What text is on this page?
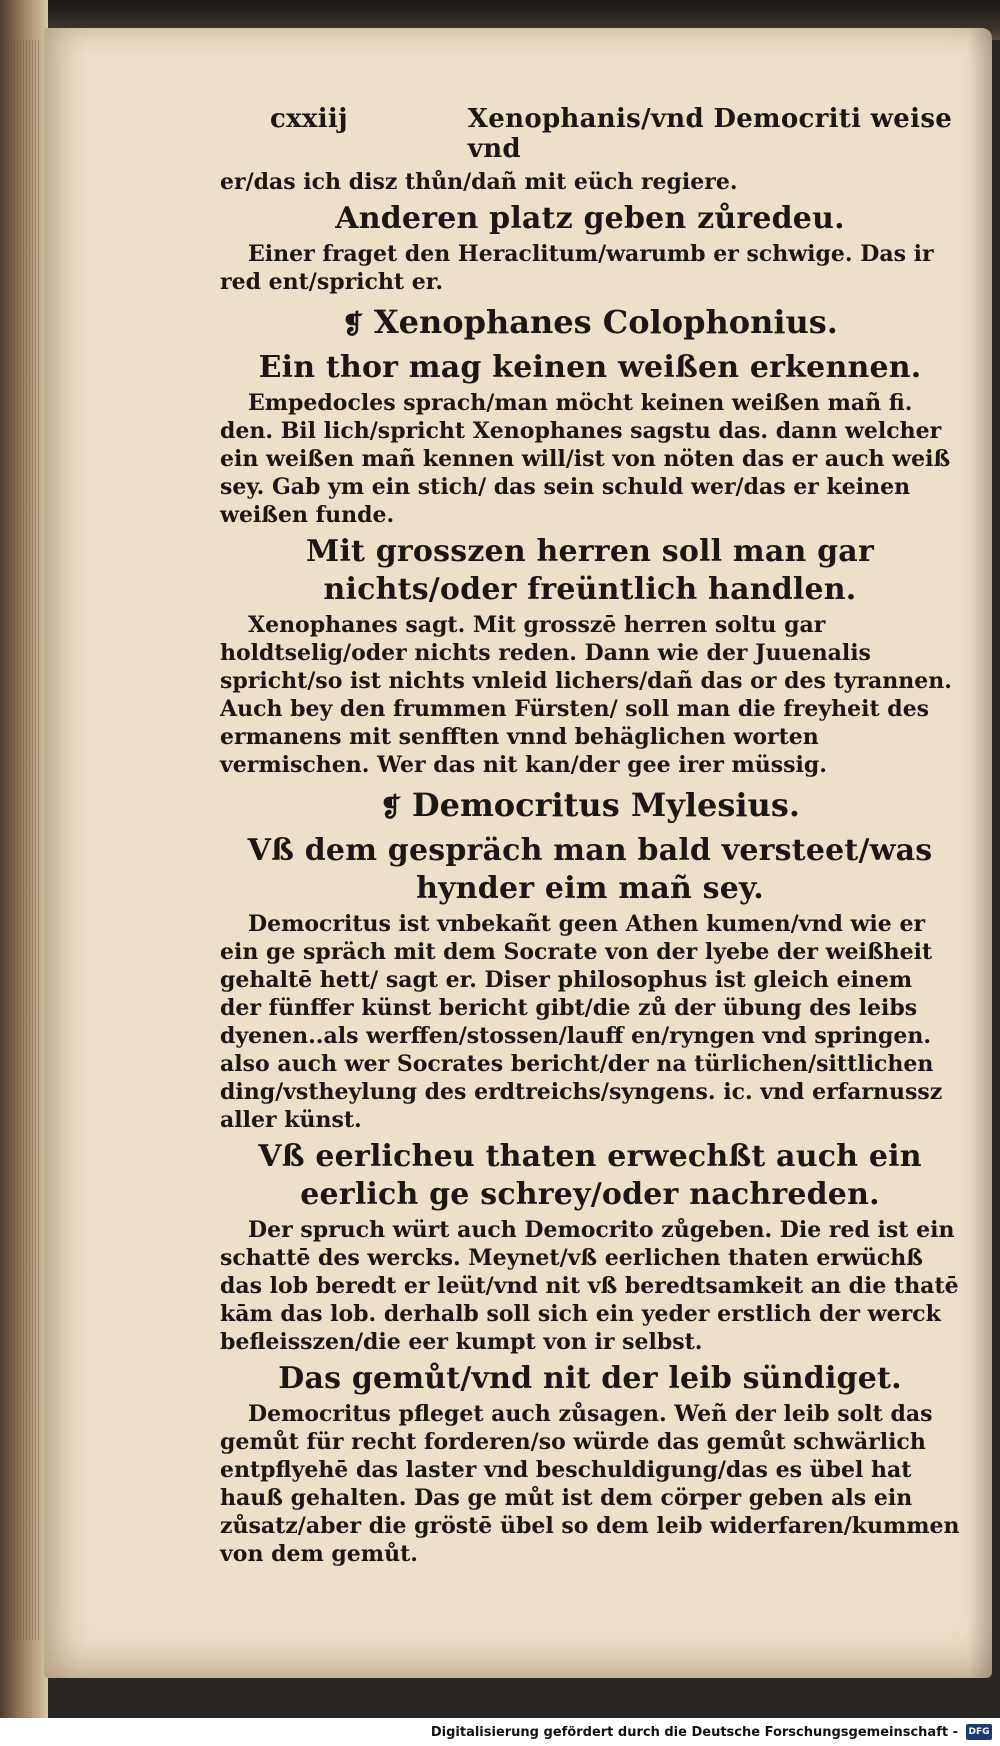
cxxiij	Xenophanis/vnd Democriti weise vnd
er/das ich disz thůn/dañ mit eüch regiere.
Anderen platz geben zůredeu.

Einer fraget den Heraclitum/warumb er schwige. Das ir red ent/spricht er.

❡ Xenophanes Colophonius.
Ein thor mag keinen weißen erkennen.

Empedocles sprach/man möcht keinen weißen mañ fi. den. Bil lich/spricht Xenophanes sagstu das. dann welcher ein weißen mañ kennen will/ist von nöten das er auch weiß sey. Gab ym ein stich/ das sein schuld wer/das er keinen weißen funde.

Mit grosszen herren soll man gar nichts/oder freüntlich handlen.

Xenophanes sagt. Mit grosszē herren soltu gar holdtselig/oder nichts reden. Dann wie der Juuenalis spricht/so ist nichts vnleid lichers/dañ das or des tyrannen. Auch bey den frummen Fürsten/ soll man die freyheit des ermanens mit senfften vnnd behäglichen worten vermischen. Wer das nit kan/der gee irer müssig.

❡ Democritus Mylesius.
Vß dem gespräch man bald versteet/was hynder eim mañ sey.

Democritus ist vnbekañt geen Athen kumen/vnd wie er ein ge spräch mit dem Socrate von der lyebe der weißheit gehaltē hett/ sagt er. Diser philosophus ist gleich einem der fünffer künst bericht gibt/die zů der übung des leibs dyenen..als werffen/stossen/lauff en/ryngen vnd springen. also auch wer Socrates bericht/der na türlichen/sittlichen ding/vstheylung des erdtreichs/syngens. ic. vnd erfarnussz aller künst.

Vß eerlicheu thaten erwechßt auch ein eerlich ge schrey/oder nachreden.

Der spruch würt auch Democrito zůgeben. Die red ist ein schattē des wercks. Meynet/vß eerlichen thaten erwüchß das lob beredt er leüt/vnd nit vß beredtsamkeit an die thatē kām das lob. derhalb soll sich ein yeder erstlich der werck befleisszen/die eer kumpt von ir selbst.

Das gemůt/vnd nit der leib sündiget.

Democritus pfleget auch zůsagen. Weñ der leib solt das gemůt für recht forderen/so würde das gemůt schwärlich entpflyehē das laster vnd beschuldigung/das es übel hat hauß gehalten. Das ge můt ist dem cörper geben als ein zůsatz/aber die gröstē übel so dem leib widerfaren/kummen von dem gemůt.

Digitalisierung gefördert durch die Deutsche Forschungsgemeinschaft - DFG
